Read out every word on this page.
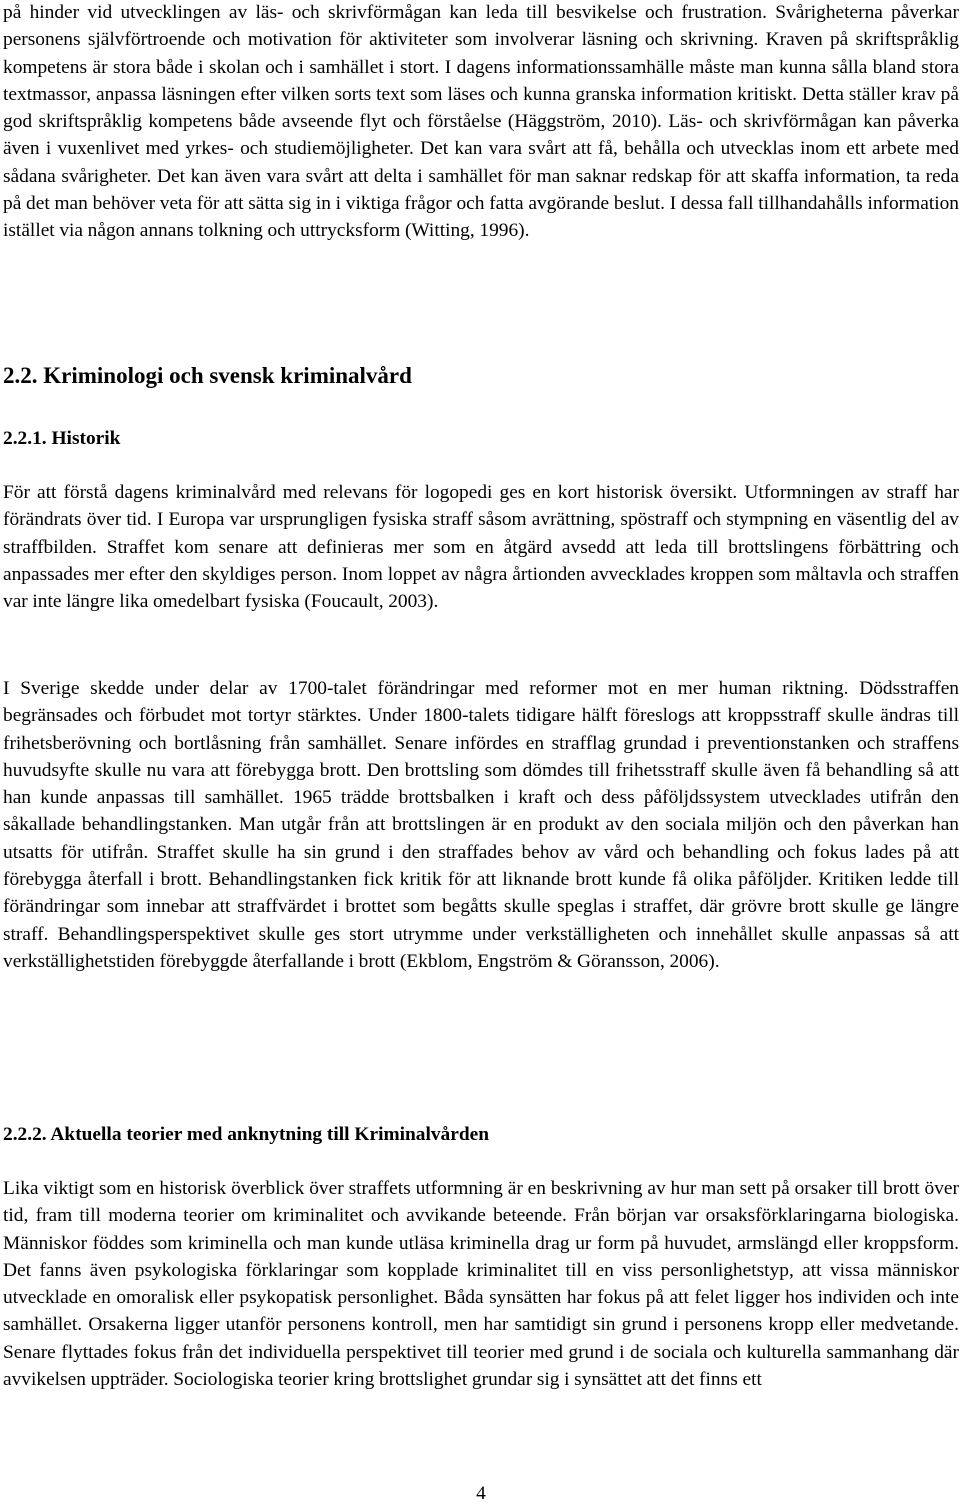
på hinder vid utvecklingen av läs- och skrivförmågan kan leda till besvikelse och frustration. Svårigheterna påverkar personens självförtroende och motivation för aktiviteter som involverar läsning och skrivning. Kraven på skriftspråklig kompetens är stora både i skolan och i samhället i stort. I dagens informationssamhälle måste man kunna sålla bland stora textmassor, anpassa läsningen efter vilken sorts text som läses och kunna granska information kritiskt. Detta ställer krav på god skriftspråklig kompetens både avseende flyt och förståelse (Häggström, 2010). Läs- och skrivförmågan kan påverka även i vuxenlivet med yrkes- och studiemöjligheter. Det kan vara svårt att få, behålla och utvecklas inom ett arbete med sådana svårigheter. Det kan även vara svårt att delta i samhället för man saknar redskap för att skaffa information, ta reda på det man behöver veta för att sätta sig in i viktiga frågor och fatta avgörande beslut. I dessa fall tillhandahålls information istället via någon annans tolkning och uttrycksform (Witting, 1996).

2.2. Kriminologi och svensk kriminalvård
2.2.1. Historik

För att förstå dagens kriminalvård med relevans för logopedi ges en kort historisk översikt. Utformningen av straff har förändrats över tid. I Europa var ursprungligen fysiska straff såsom avrättning, spöstraff och stympning en väsentlig del av straffbilden. Straffet kom senare att definieras mer som en åtgärd avsedd att leda till brottslingens förbättring och anpassades mer efter den skyldiges person. Inom loppet av några årtionden avvecklades kroppen som måltavla och straffen var inte längre lika omedelbart fysiska (Foucault, 2003).

I Sverige skedde under delar av 1700-talet förändringar med reformer mot en mer human riktning. Dödsstraffen begränsades och förbudet mot tortyr stärktes. Under 1800-talets tidigare hälft föreslogs att kroppsstraff skulle ändras till frihetsberövning och bortlåsning från samhället. Senare infördes en strafflag grundad i preventionstanken och straffens huvudsyfte skulle nu vara att förebygga brott. Den brottsling som dömdes till frihetsstraff skulle även få behandling så att han kunde anpassas till samhället. 1965 trädde brottsbalken i kraft och dess påföljdssystem utvecklades utifrån den såkallade behandlingstanken. Man utgår från att brottslingen är en produkt av den sociala miljön och den påverkan han utsatts för utifrån. Straffet skulle ha sin grund i den straffades behov av vård och behandling och fokus lades på att förebygga återfall i brott. Behandlingstanken fick kritik för att liknande brott kunde få olika påföljder. Kritiken ledde till förändringar som innebar att straffvärdet i brottet som begåtts skulle speglas i straffet, där grövre brott skulle ge längre straff. Behandlingsperspektivet skulle ges stort utrymme under verkställigheten och innehållet skulle anpassas så att verkställighetstiden förebyggde återfallande i brott (Ekblom, Engström & Göransson, 2006).

2.2.2. Aktuella teorier med anknytning till Kriminalvården

Lika viktigt som en historisk överblick över straffets utformning är en beskrivning av hur man sett på orsaker till brott över tid, fram till moderna teorier om kriminalitet och avvikande beteende. Från början var orsaksförklaringarna biologiska. Människor föddes som kriminella och man kunde utläsa kriminella drag ur form på huvudet, armslängd eller kroppsform. Det fanns även psykologiska förklaringar som kopplade kriminalitet till en viss personlighetstyp, att vissa människor utvecklade en omoralisk eller psykopatisk personlighet. Båda synsätten har fokus på att felet ligger hos individen och inte samhället. Orsakerna ligger utanför personens kontroll, men har samtidigt sin grund i personens kropp eller medvetande. Senare flyttades fokus från det individuella perspektivet till teorier med grund i de sociala och kulturella sammanhang där avvikelsen uppträder. Sociologiska teorier kring brottslighet grundar sig i synsättet att det finns ett

4
